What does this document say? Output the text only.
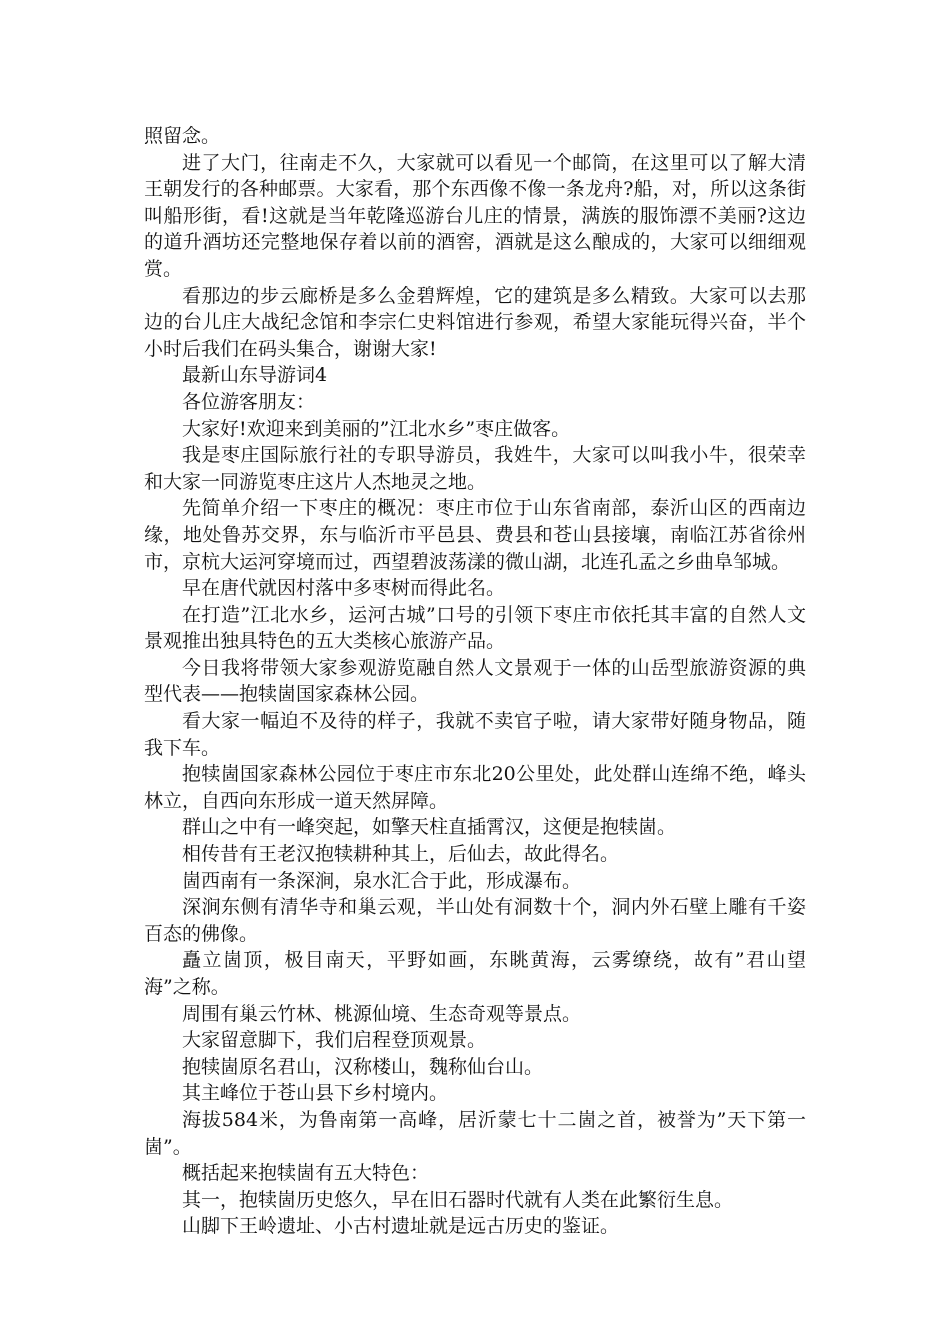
照留念。

进了大门，往南走不久，大家就可以看见一个邮筒，在这里可以了解大清王朝发行的各种邮票。大家看，那个东西像不像一条龙舟?船，对，所以这条街叫船形街，看!这就是当年乾隆巡游台儿庄的情景，满族的服饰漂不美丽?这边的道升酒坊还完整地保存着以前的酒窖，酒就是这么酿成的，大家可以细细观赏。

看那边的步云廊桥是多么金碧辉煌，它的建筑是多么精致。大家可以去那边的台儿庄大战纪念馆和李宗仁史料馆进行参观，希望大家能玩得兴奋，半个小时后我们在码头集合，谢谢大家!

最新山东导游词4

各位游客朋友：

大家好!欢迎来到美丽的”江北水乡”枣庄做客。

我是枣庄国际旅行社的专职导游员，我姓牛，大家可以叫我小牛，很荣幸和大家一同游览枣庄这片人杰地灵之地。

先简单介绍一下枣庄的概况：枣庄市位于山东省南部，泰沂山区的西南边缘，地处鲁苏交界，东与临沂市平邑县、费县和苍山县接壤，南临江苏省徐州市，京杭大运河穿境而过，西望碧波荡漾的微山湖，北连孔孟之乡曲阜邹城。

早在唐代就因村落中多枣树而得此名。

在打造”江北水乡，运河古城”口号的引领下枣庄市依托其丰富的自然人文景观推出独具特色的五大类核心旅游产品。

今日我将带领大家参观游览融自然人文景观于一体的山岳型旅游资源的典型代表——抱犊崮国家森林公园。

看大家一幅迫不及待的样子，我就不卖官子啦，请大家带好随身物品，随我下车。

抱犊崮国家森林公园位于枣庄市东北20公里处，此处群山连绵不绝，峰头林立，自西向东形成一道天然屏障。

群山之中有一峰突起，如擎天柱直插霄汉，这便是抱犊崮。

相传昔有王老汉抱犊耕种其上，后仙去，故此得名。

崮西南有一条深涧，泉水汇合于此，形成瀑布。

深涧东侧有清华寺和巢云观，半山处有洞数十个，洞内外石壁上雕有千姿百态的佛像。

矗立崮顶，极目南天，平野如画，东眺黄海，云雾缭绕，故有”君山望海”之称。

周围有巢云竹林、桃源仙境、生态奇观等景点。

大家留意脚下，我们启程登顶观景。

抱犊崮原名君山，汉称楼山，魏称仙台山。

其主峰位于苍山县下乡村境内。

海拔584米，为鲁南第一高峰，居沂蒙七十二崮之首，被誉为”天下第一崮”。

概括起来抱犊崮有五大特色：

其一，抱犊崮历史悠久，早在旧石器时代就有人类在此繁衍生息。

山脚下王岭遗址、小古村遗址就是远古历史的鉴证。
